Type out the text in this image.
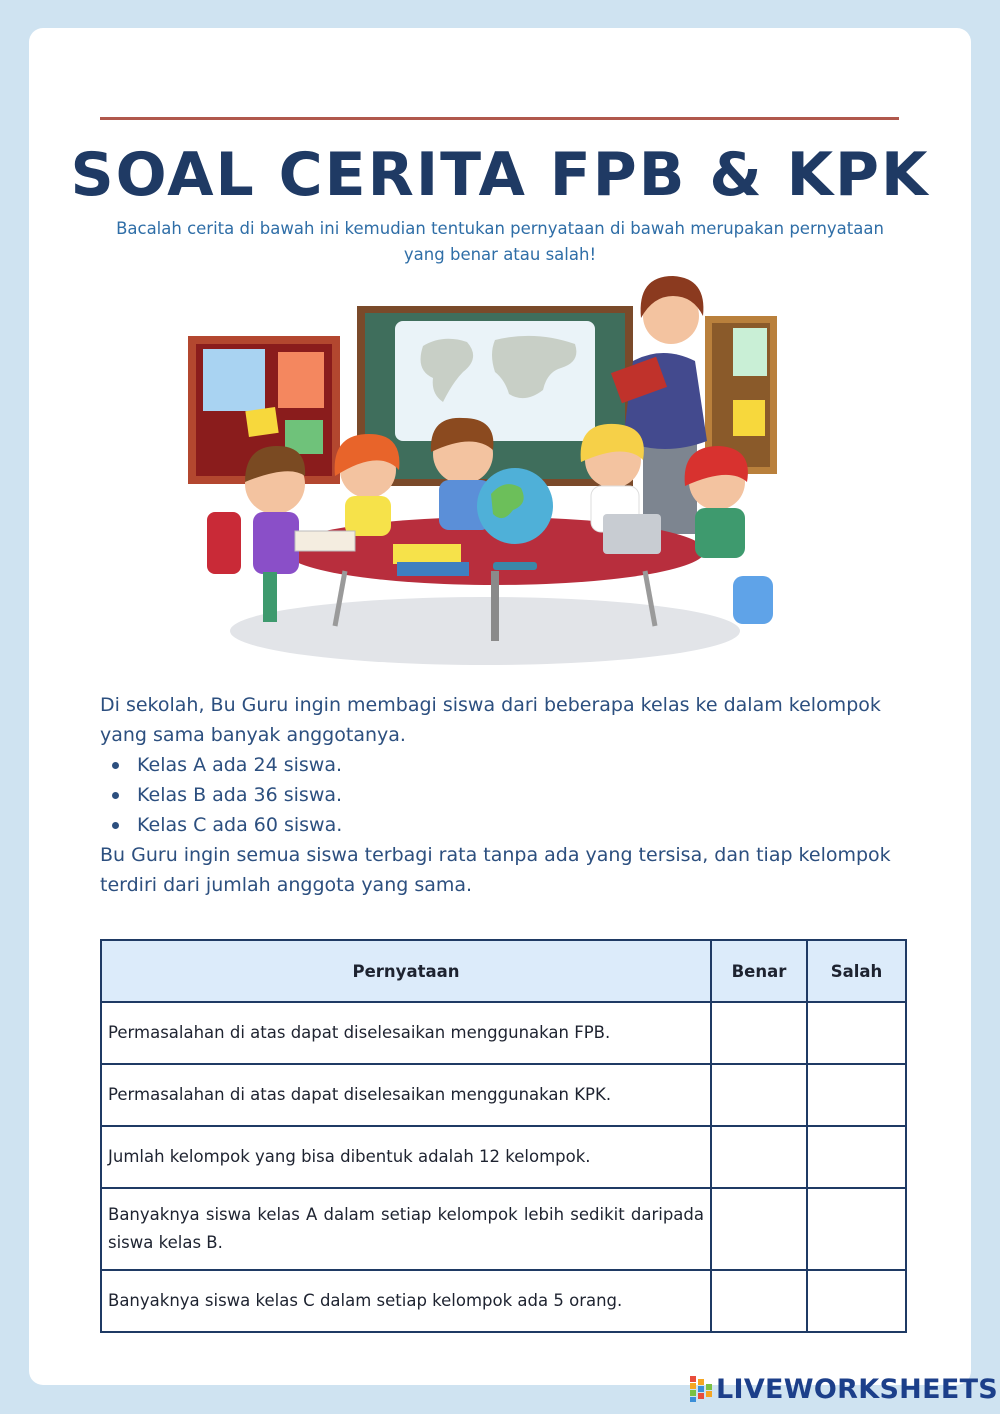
SOAL CERITA FPB & KPK
Bacalah cerita di bawah ini kemudian tentukan pernyataan di bawah merupakan pernyataan yang benar atau salah!

Di sekolah, Bu Guru ingin membagi siswa dari beberapa kelas ke dalam kelompok yang sama banyak anggotanya.

Kelas A ada 24 siswa.
Kelas B ada 36 siswa.
Kelas C ada 60 siswa.

Bu Guru ingin semua siswa terbagi rata tanpa ada yang tersisa, dan tiap kelompok terdiri dari jumlah anggota yang sama.

Pernyataan	Benar	Salah
Permasalahan di atas dapat diselesaikan menggunakan FPB.		
Permasalahan di atas dapat diselesaikan menggunakan KPK.		
Jumlah kelompok yang bisa dibentuk adalah 12 kelompok.		
Banyaknya siswa kelas A dalam setiap kelompok lebih sedikit daripada siswa kelas B.		
Banyaknya siswa kelas C dalam setiap kelompok ada 5 orang.		
LIVEWORKSHEETS
